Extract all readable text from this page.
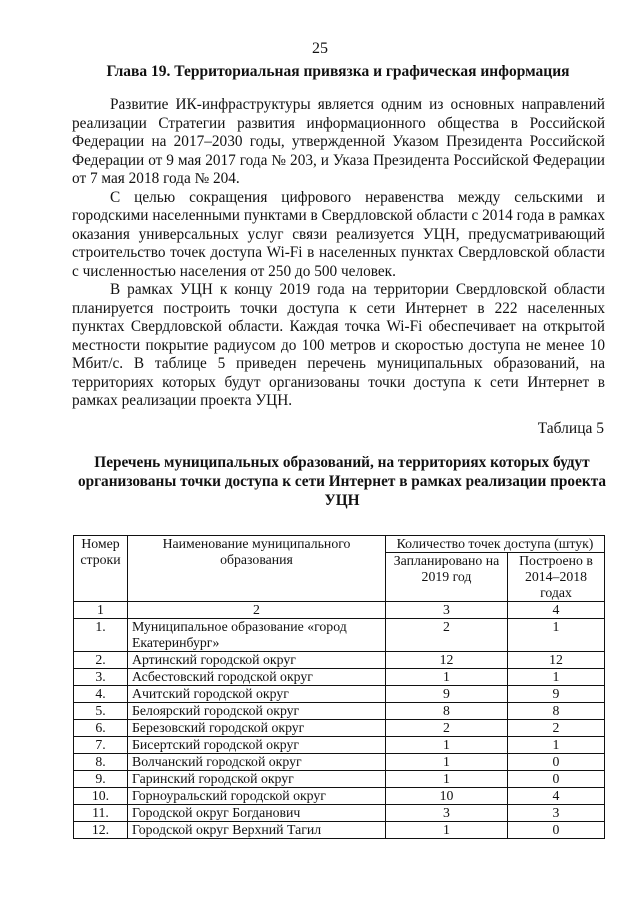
25
Глава 19. Территориальная привязка и графическая информация

Развитие ИК-инфраструктуры является одним из основных направлений реализации Стратегии развития информационного общества в Российской Федерации на 2017–2030 годы, утвержденной Указом Президента Российской Федерации от 9 мая 2017 года № 203, и Указа Президента Российской Федерации от 7 мая 2018 года № 204.

С целью сокращения цифрового неравенства между сельскими и городскими населенными пунктами в Свердловской области с 2014 года в рамках оказания универсальных услуг связи реализуется УЦН, предусматривающий строительство точек доступа Wi-Fi в населенных пунктах Свердловской области с численностью населения от 250 до 500 человек.

В рамках УЦН к концу 2019 года на территории Свердловской области планируется построить точки доступа к сети Интернет в 222 населенных пунктах Свердловской области. Каждая точка Wi-Fi обеспечивает на открытой местности покрытие радиусом до 100 метров и скоростью доступа не менее 10 Мбит/с. В таблице 5 приведен перечень муниципальных образований, на территориях которых будут организованы точки доступа к сети Интернет в рамках реализации проекта УЦН.

Таблица 5
Перечень муниципальных образований, на территориях которых будут организованы точки доступа к сети Интернет в рамках реализации проекта УЦН
Номер строки	Наименование муниципального образования	Количество точек доступа (штук)	
		Запланировано на 2019 год	Построено в 2014–2018 годах
1	2	3	4
1.	Муниципальное образование «город Екатеринбург»	2	1
2.	Артинский городской округ	12	12
3.	Асбестовский городской округ	1	1
4.	Ачитский городской округ	9	9
5.	Белоярский городской округ	8	8
6.	Березовский городской округ	2	2
7.	Бисертский городской округ	1	1
8.	Волчанский городской округ	1	0
9.	Гаринский городской округ	1	0
10.	Горноуральский городской округ	10	4
11.	Городской округ Богданович	3	3
12.	Городской округ Верхний Тагил	1	0
